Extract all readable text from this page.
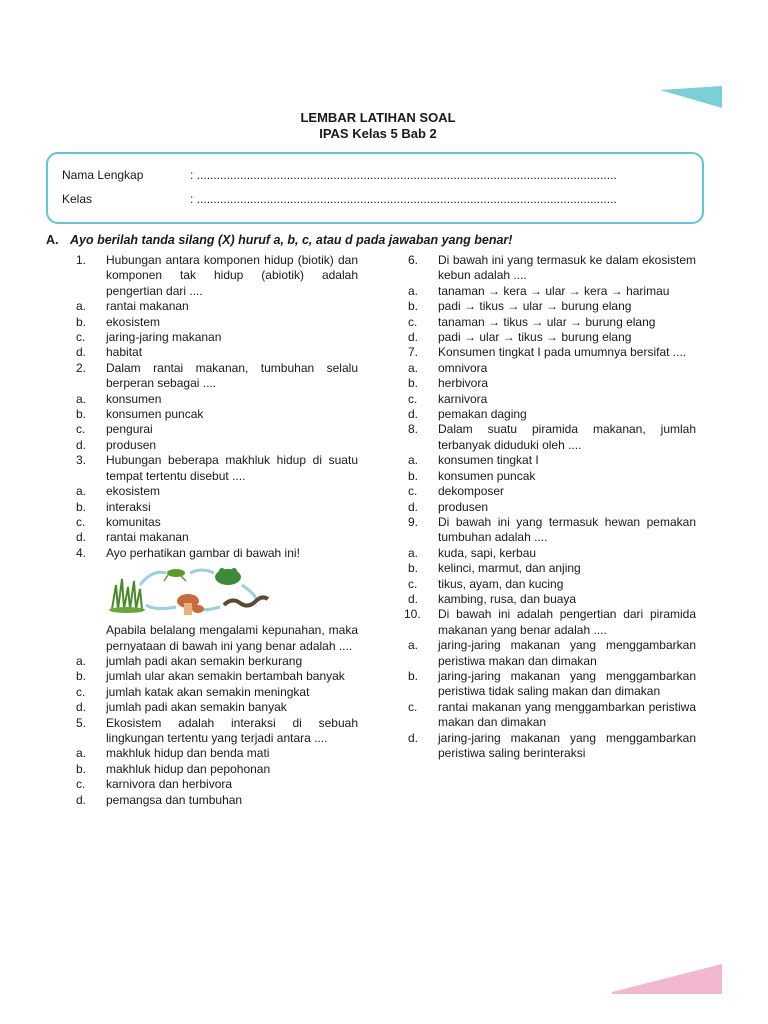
LEMBAR LATIHAN SOAL
IPAS Kelas 5 Bab 2
Nama Lengkap	: ..............................................................................................................................
Kelas	: ..............................................................................................................................
A. Ayo berilah tanda silang (X) huruf a, b, c, atau d pada jawaban yang benar!
1. Hubungan antara komponen hidup (biotik) dan komponen tak hidup (abiotik) adalah pengertian dari ....
a. rantai makanan
b. ekosistem
c. jaring-jaring makanan
d. habitat
2. Dalam rantai makanan, tumbuhan selalu berperan sebagai ....
a. konsumen
b. konsumen puncak
c. pengurai
d. produsen
3. Hubungan beberapa makhluk hidup di suatu tempat tertentu disebut ....
a. ekosistem
b. interaksi
c. komunitas
d. rantai makanan
4. Ayo perhatikan gambar di bawah ini!
Apabila belalang mengalami kepunahan, maka pernyataan di bawah ini yang benar adalah ....
a. jumlah padi akan semakin berkurang
b. jumlah ular akan semakin bertambah banyak
c. jumlah katak akan semakin meningkat
d. jumlah padi akan semakin banyak
5. Ekosistem adalah interaksi di sebuah lingkungan tertentu yang terjadi antara ....
a. makhluk hidup dan benda mati
b. makhluk hidup dan pepohonan
c. karnivora dan herbivora
d. pemangsa dan tumbuhan
6. Di bawah ini yang termasuk ke dalam ekosistem kebun adalah ....
a. tanaman → kera → ular → kera → harimau
b. padi → tikus → ular → burung elang
c. tanaman → tikus → ular → burung elang
d. padi → ular → tikus → burung elang
7. Konsumen tingkat I pada umumnya bersifat ....
a. omnivora
b. herbivora
c. karnivora
d. pemakan daging
8. Dalam suatu piramida makanan, jumlah terbanyak diduduki oleh ....
a. konsumen tingkat I
b. konsumen puncak
c. dekomposer
d. produsen
9. Di bawah ini yang termasuk hewan pemakan tumbuhan adalah ....
a. kuda, sapi, kerbau
b. kelinci, marmut, dan anjing
c. tikus, ayam, dan kucing
d. kambing, rusa, dan buaya
10. Di bawah ini adalah pengertian dari piramida makanan yang benar adalah ....
a. jaring-jaring makanan yang menggambarkan peristiwa makan dan dimakan
b. jaring-jaring makanan yang menggambarkan peristiwa tidak saling makan dan dimakan
c. rantai makanan yang menggambarkan peristiwa makan dan dimakan
d. jaring-jaring makanan yang menggambarkan peristiwa saling berinteraksi
